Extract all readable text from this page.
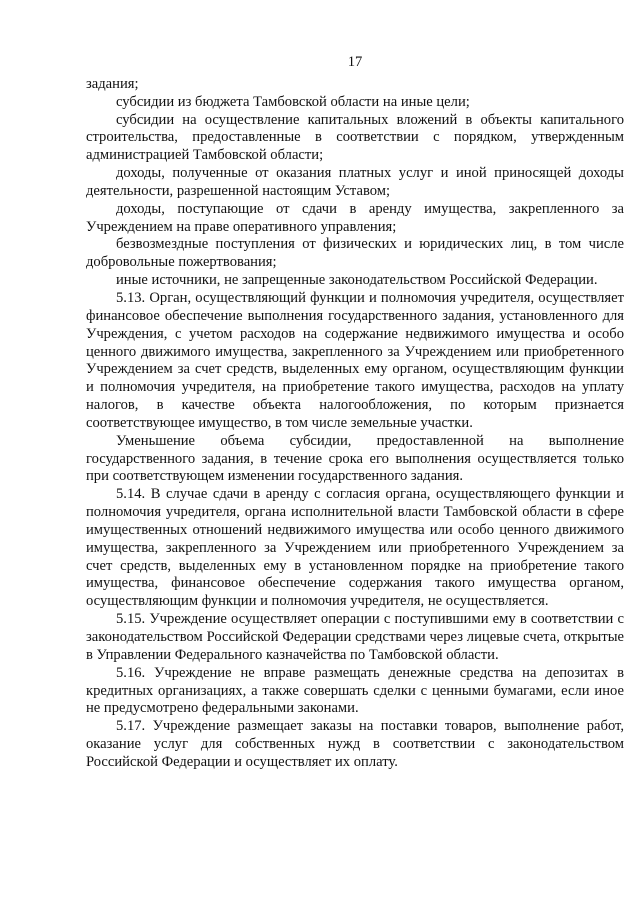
17

задания;

субсидии из бюджета Тамбовской области на иные цели;

субсидии на осуществление капитальных вложений в объекты капитального строительства, предоставленные в соответствии с порядком, утвержденным администрацией Тамбовской области;

доходы, полученные от оказания платных услуг и иной приносящей доходы деятельности, разрешенной настоящим Уставом;

доходы, поступающие от сдачи в аренду имущества, закрепленного за Учреждением на праве оперативного управления;

безвозмездные поступления от физических и юридических лиц, в том числе добровольные пожертвования;

иные источники, не запрещенные законодательством Российской Федерации.

5.13. Орган, осуществляющий функции и полномочия учредителя, осуществляет финансовое обеспечение выполнения государственного задания, установленного для Учреждения, с учетом расходов на содержание недвижимого имущества и особо ценного движимого имущества, закрепленного за Учреждением или приобретенного Учреждением за счет средств, выделенных ему органом, осуществляющим функции и полномочия учредителя, на приобретение такого имущества, расходов на уплату налогов, в качестве объекта налогообложения, по которым признается соответствующее имущество, в том числе земельные участки.

Уменьшение объема субсидии, предоставленной на выполнение государственного задания, в течение срока его выполнения осуществляется только при соответствующем изменении государственного задания.

5.14. В случае сдачи в аренду с согласия органа, осуществляющего функции и полномочия учредителя, органа исполнительной власти Тамбовской области в сфере имущественных отношений недвижимого имущества или особо ценного движимого имущества, закрепленного за Учреждением или приобретенного Учреждением за счет средств, выделенных ему в установленном порядке на приобретение такого имущества, финансовое обеспечение содержания такого имущества органом, осуществляющим функции и полномочия учредителя, не осуществляется.

5.15. Учреждение осуществляет операции с поступившими ему в соответствии с законодательством Российской Федерации средствами через лицевые счета, открытые в Управлении Федерального казначейства по Тамбовской области.

5.16. Учреждение не вправе размещать денежные средства на депозитах в кредитных организациях, а также совершать сделки с ценными бумагами, если иное не предусмотрено федеральными законами.

5.17. Учреждение размещает заказы на поставки товаров, выполнение работ, оказание услуг для собственных нужд в соответствии с законодательством Российской Федерации и осуществляет их оплату.
